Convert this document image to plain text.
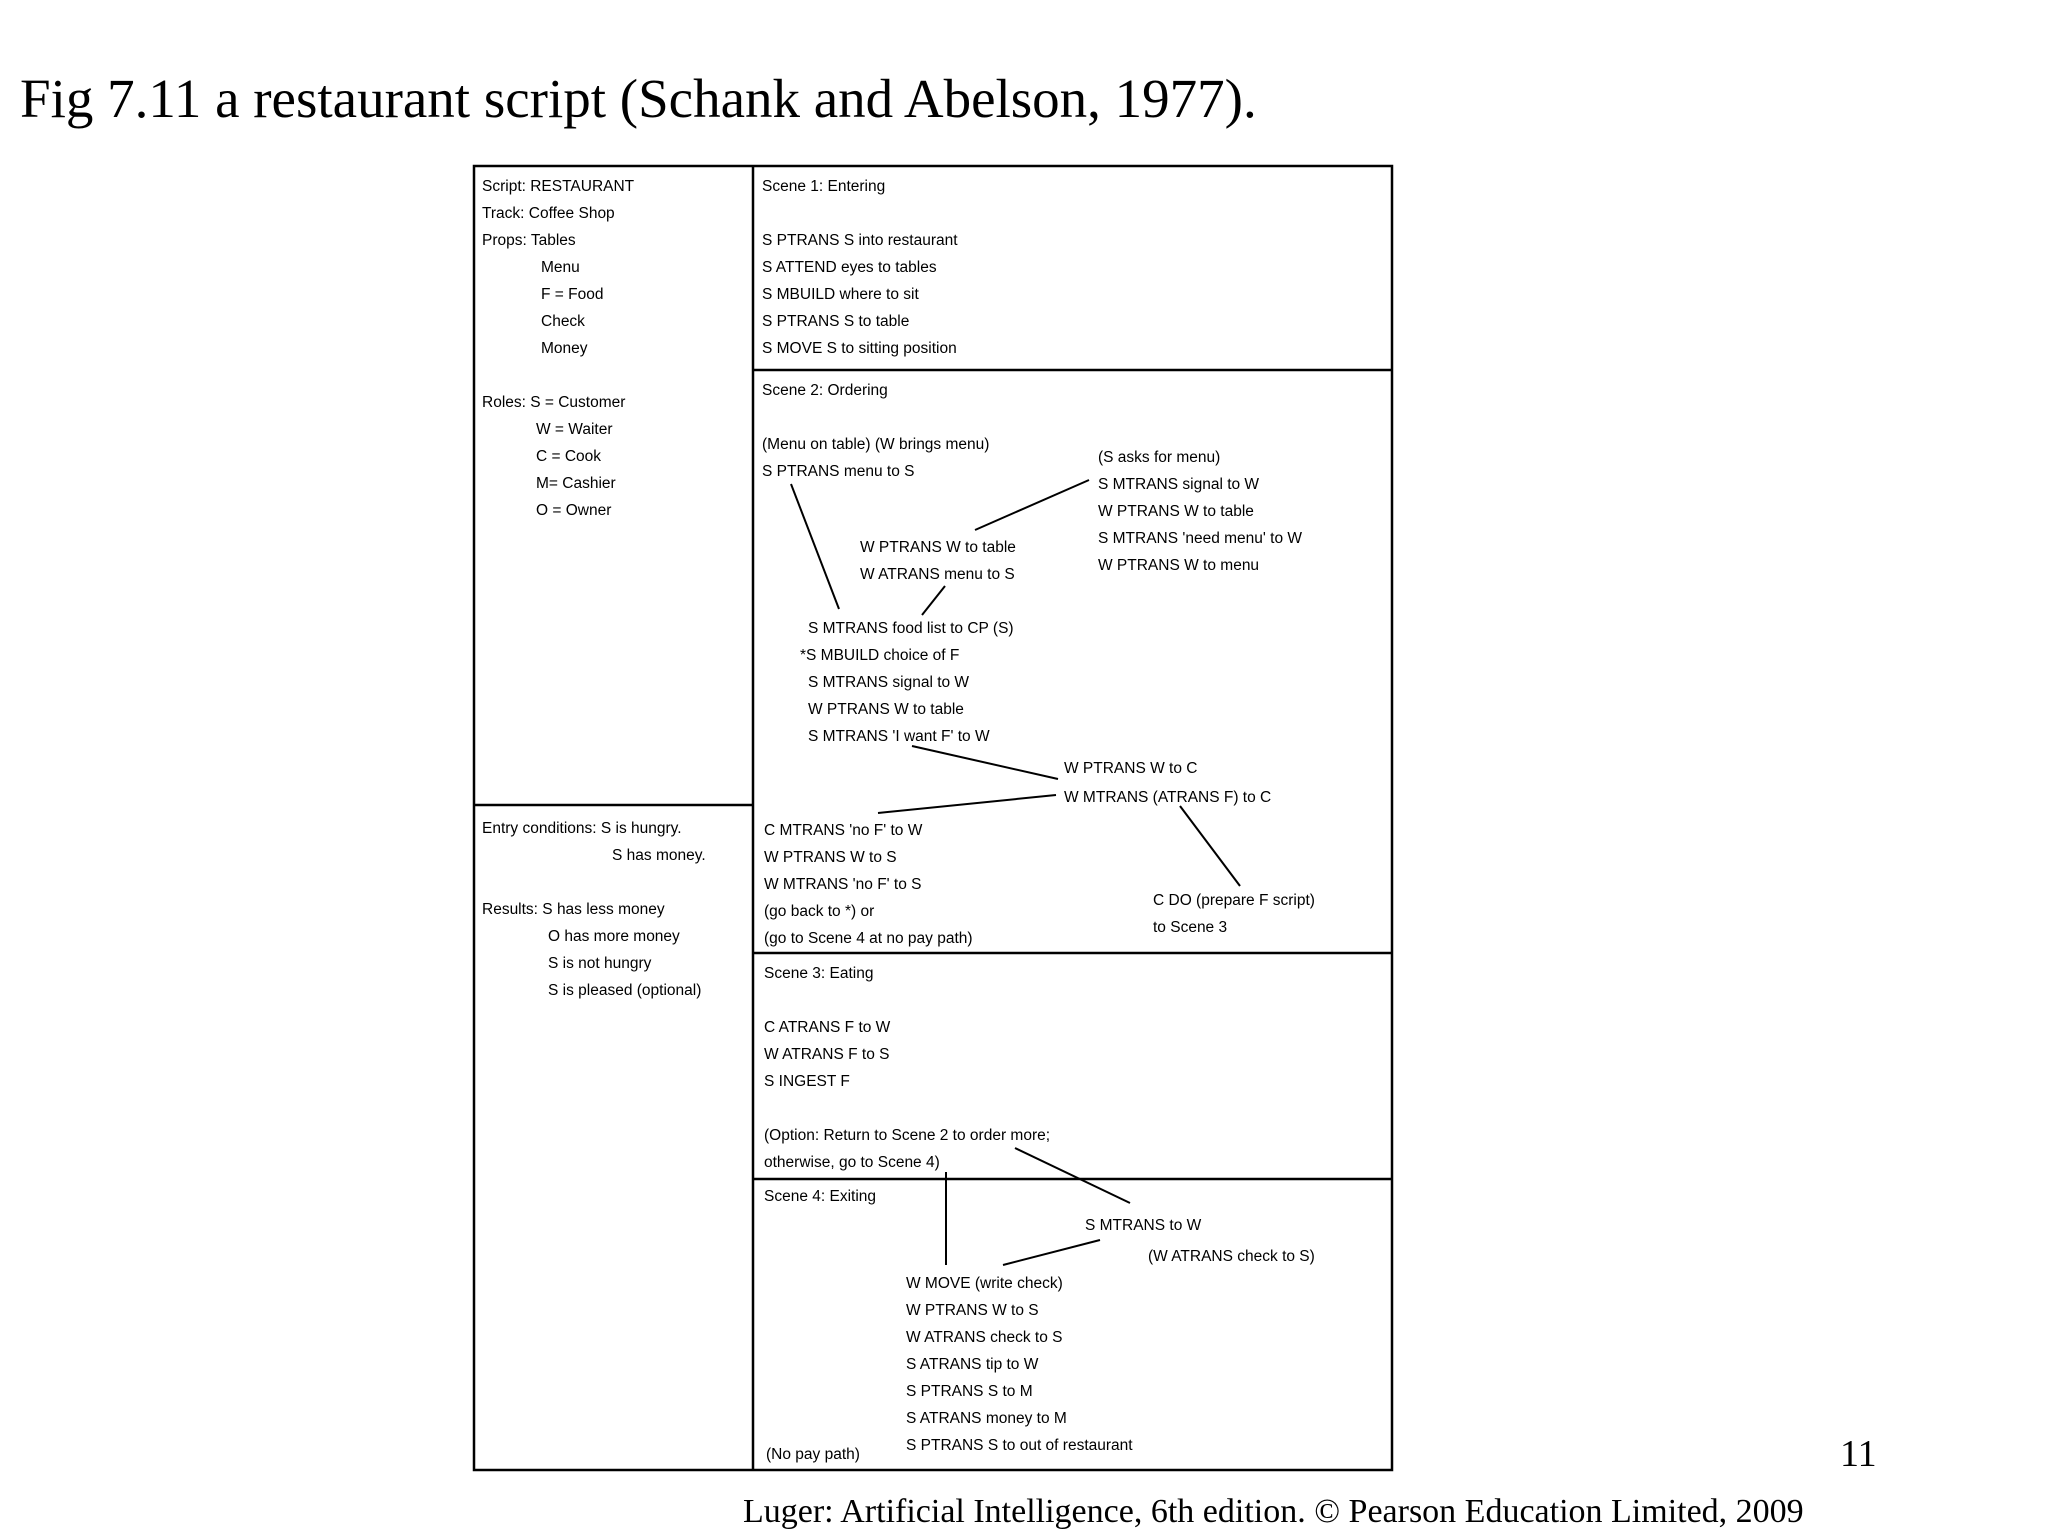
Fig 7.11 a restaurant script (Schank and Abelson, 1977).
Script: RESTAURANT
Track: Coffee Shop
Props: Tables
Menu
F = Food
Check
Money
Roles: S = Customer
W = Waiter
C = Cook
M= Cashier
O = Owner
Entry conditions: S is hungry.
S has money.
Results: S has less money
O has more money
S is not hungry
S is pleased (optional)
Scene 1: Entering
S PTRANS S into restaurant
S ATTEND eyes to tables
S MBUILD where to sit
S PTRANS S to table
S MOVE S to sitting position
Scene 2: Ordering
(Menu on table) (W brings menu)
S PTRANS menu to S
(S asks for menu)
S MTRANS signal to W
W PTRANS W to table
S MTRANS 'need menu' to W
W PTRANS W to menu
W PTRANS W to table
W ATRANS menu to S
S MTRANS food list to CP (S)
*S MBUILD choice of F
S MTRANS signal to W
W PTRANS W to table
S MTRANS 'I want F' to W
W PTRANS W to C
W MTRANS (ATRANS F) to C
C MTRANS 'no F' to W
W PTRANS W to S
W MTRANS 'no F' to S
(go back to *) or
(go to Scene 4 at no pay path)
C DO (prepare F script)
to Scene 3
Scene 3: Eating
C ATRANS F to W
W ATRANS F to S
S INGEST F
(Option: Return to Scene 2 to order more;
otherwise, go to Scene 4)
Scene 4: Exiting
S MTRANS to W
(W ATRANS check to S)
W MOVE (write check)
W PTRANS W to S
W ATRANS check to S
S ATRANS tip to W
S PTRANS S to M
S ATRANS money to M
S PTRANS S to out of restaurant
(No pay path)	11
Luger: Artificial Intelligence, 6th edition. © Pearson Education Limited, 2009
